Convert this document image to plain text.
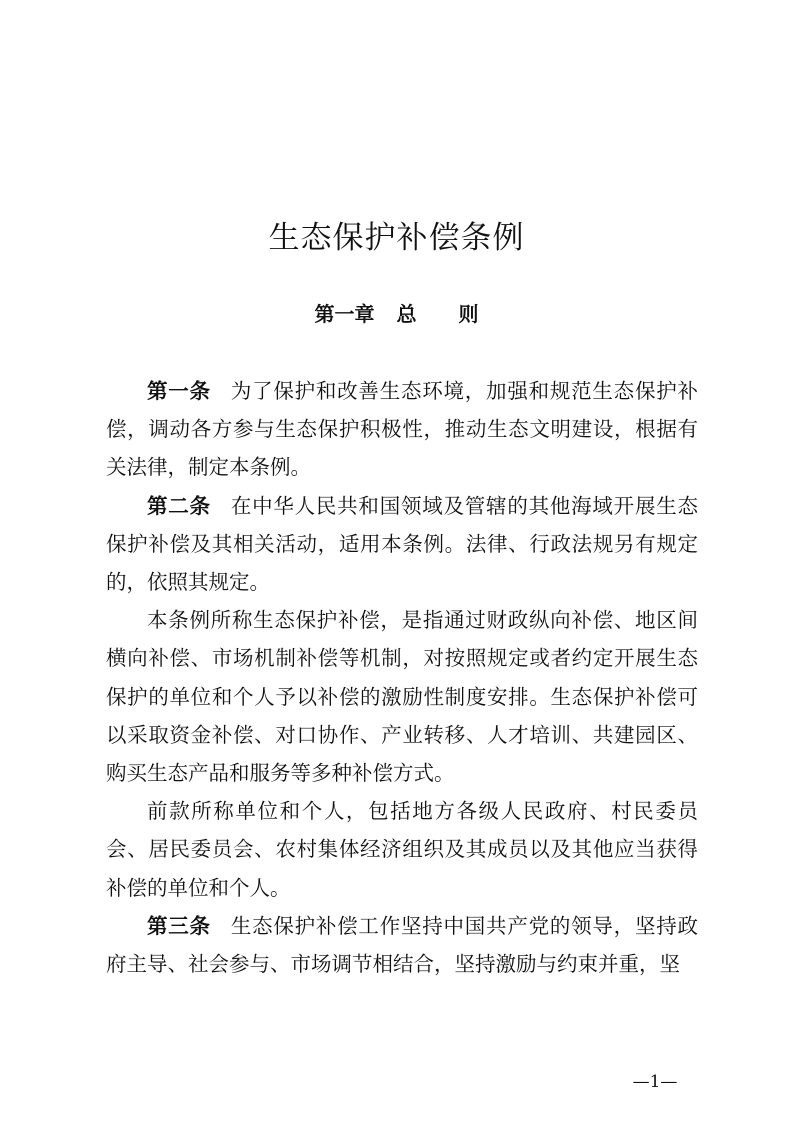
生态保护补偿条例
第一章 总 则

第一条 为了保护和改善生态环境，加强和规范生态保护补偿，调动各方参与生态保护积极性，推动生态文明建设，根据有关法律，制定本条例。

第二条 在中华人民共和国领域及管辖的其他海域开展生态保护补偿及其相关活动，适用本条例。法律、行政法规另有规定的，依照其规定。

本条例所称生态保护补偿，是指通过财政纵向补偿、地区间横向补偿、市场机制补偿等机制，对按照规定或者约定开展生态保护的单位和个人予以补偿的激励性制度安排。生态保护补偿可以采取资金补偿、对口协作、产业转移、人才培训、共建园区、购买生态产品和服务等多种补偿方式。

前款所称单位和个人，包括地方各级人民政府、村民委员会、居民委员会、农村集体经济组织及其成员以及其他应当获得补偿的单位和个人。

第三条 生态保护补偿工作坚持中国共产党的领导，坚持政府主导、社会参与、市场调节相结合，坚持激励与约束并重，坚

—1—
